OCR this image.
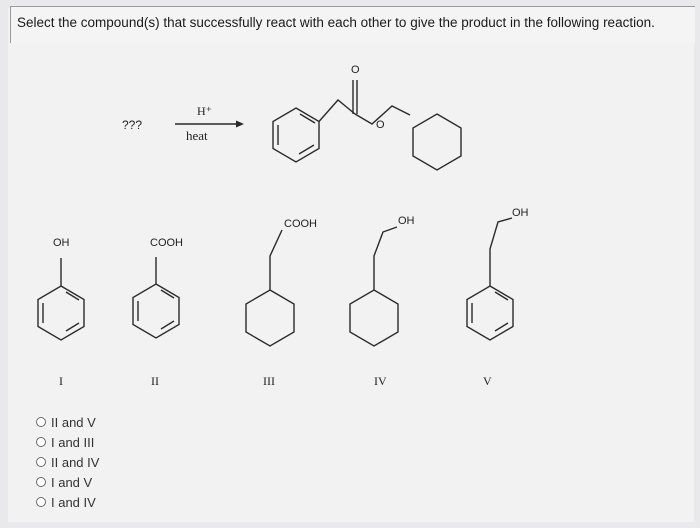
Select the compound(s) that successfully react with each other to give the product in the following reaction.
???
H⁺
heat
O
O
OH	COOH
COOH	OH
OH
I	II	III	IV	V
II and V
I and III
II and IV
I and V
I and IV
